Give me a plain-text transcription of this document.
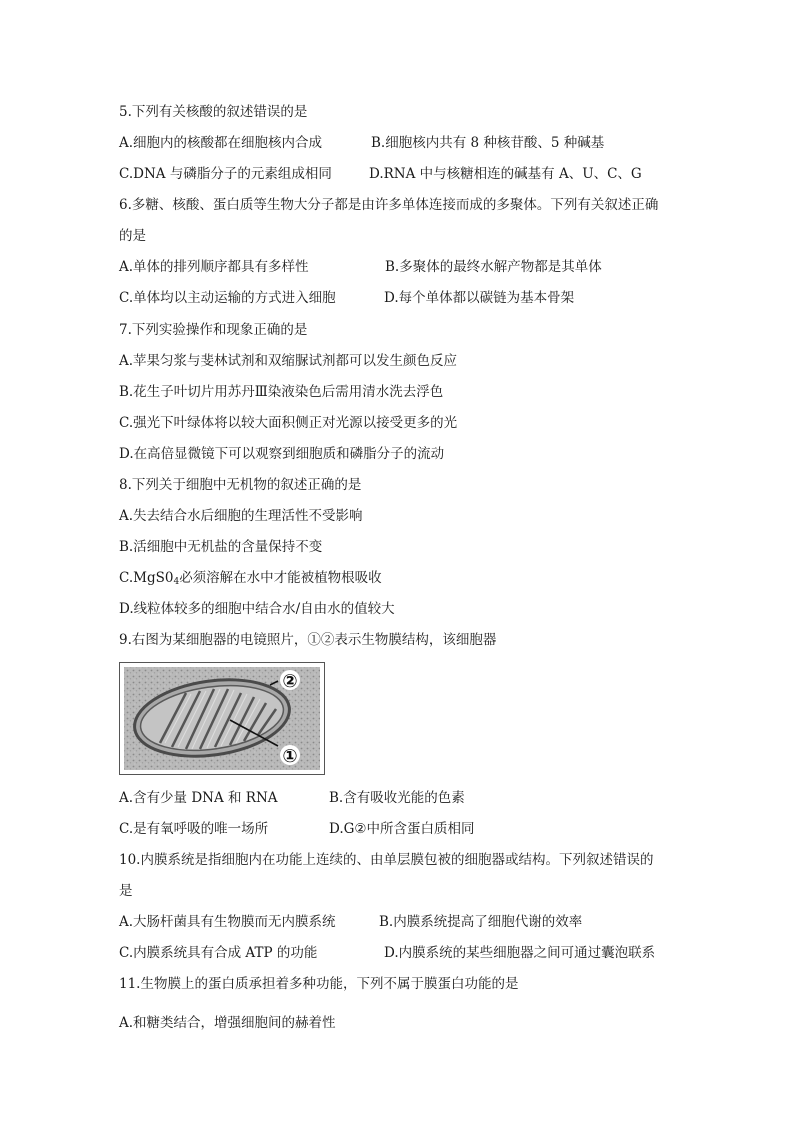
5.下列有关核酸的叙述错误的是
A.细胞内的核酸都在细胞核内合成	B.细胞核内共有 8 种核苷酸、5 种碱基
C.DNA 与磷脂分子的元素组成相同	D.RNA 中与核糖相连的碱基有 A、U、C、G
6.多糖、核酸、蛋白质等生物大分子都是由许多单体连接而成的多聚体。下列有关叙述正确
的是
A.单体的排列顺序都具有多样性	B.多聚体的最终水解产物都是其单体
C.单体均以主动运输的方式进入细胞	D.每个单体都以碳链为基本骨架
7.下列实验操作和现象正确的是
A.苹果匀浆与斐林试剂和双缩脲试剂都可以发生颜色反应
B.花生子叶切片用苏丹Ⅲ染液染色后需用清水洗去浮色
C.强光下叶绿体将以较大面积侧正对光源以接受更多的光
D.在高倍显微镜下可以观察到细胞质和磷脂分子的流动
8.下列关于细胞中无机物的叙述正确的是
A.失去结合水后细胞的生理活性不受影响
B.活细胞中无机盐的含量保持不变
$C.MgS0_4$必须溶解在水中才能被植物根吸收
D.线粒体较多的细胞中结合水/自由水的值较大
9.右图为某细胞器的电镜照片，①②表示生物膜结构，该细胞器
②
①
A.含有少量 DNA 和 RNA	B.含有吸收光能的色素
C.是有氧呼吸的唯一场所	D.G②中所含蛋白质相同
10.内膜系统是指细胞内在功能上连续的、由单层膜包被的细胞器或结构。下列叙述错误的
是
A.大肠杆菌具有生物膜而无内膜系统	B.内膜系统提高了细胞代谢的效率
C.内膜系统具有合成 ATP 的功能	D.内膜系统的某些细胞器之间可通过囊泡联系
11.生物膜上的蛋白质承担着多种功能，下列不属于膜蛋白功能的是
A.和糖类结合，增强细胞间的赫着性
